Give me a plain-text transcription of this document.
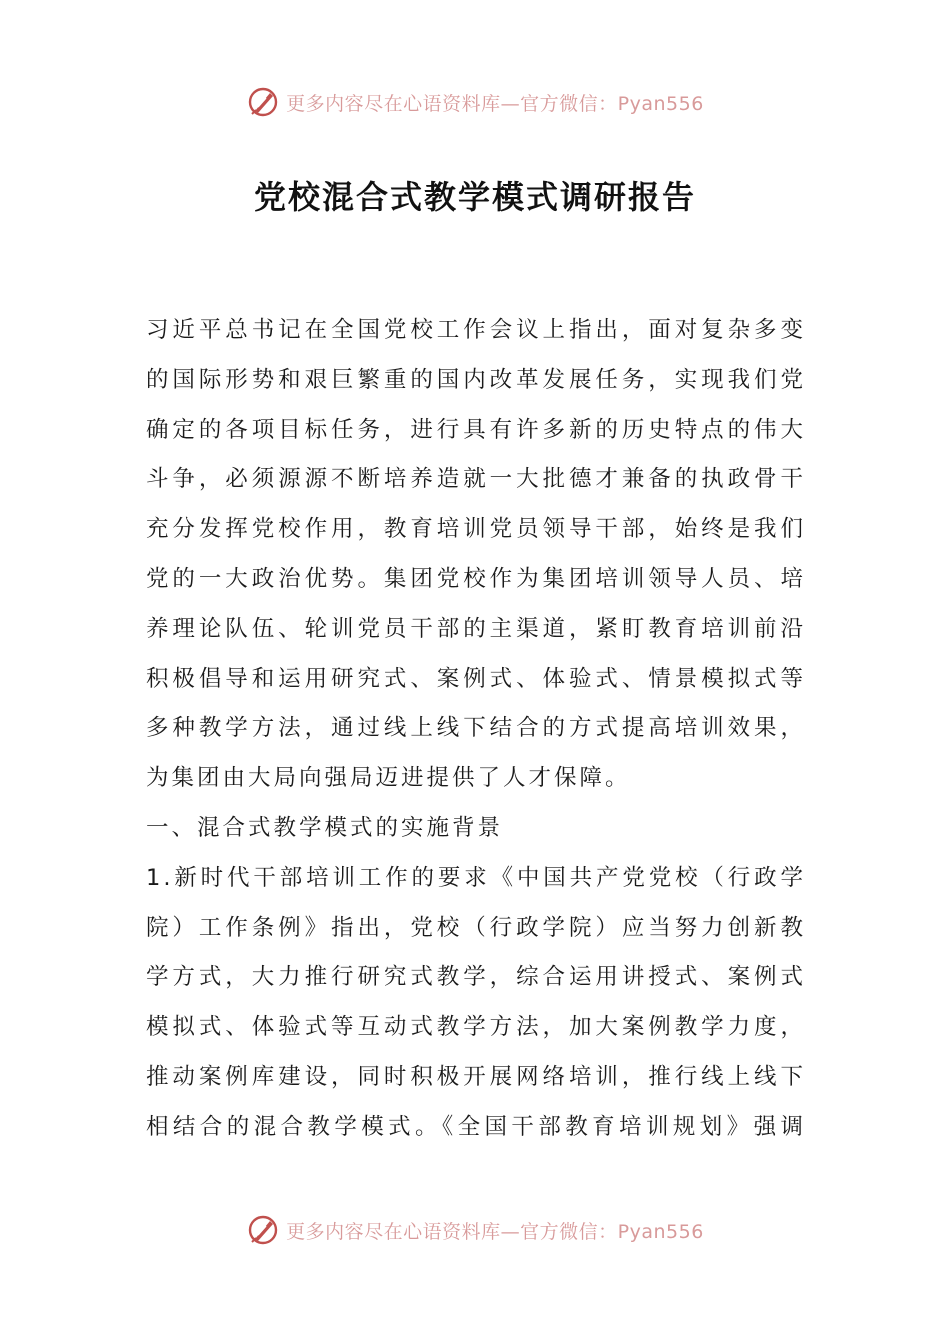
更多内容尽在心语资料库—官方微信：Pyan556
党校混合式教学模式调研报告
习近平总书记在全国党校工作会议上指出，面对复杂多变
的国际形势和艰巨繁重的国内改革发展任务，实现我们党
确定的各项目标任务，进行具有许多新的历史特点的伟大
斗争，必须源源不断培养造就一大批德才兼备的执政骨干
充分发挥党校作用，教育培训党员领导干部，始终是我们
党的一大政治优势。集团党校作为集团培训领导人员、培
养理论队伍、轮训党员干部的主渠道，紧盯教育培训前沿
积极倡导和运用研究式、案例式、体验式、情景模拟式等
多种教学方法，通过线上线下结合的方式提高培训效果，
为集团由大局向强局迈进提供了人才保障。
一、混合式教学模式的实施背景
1.新时代干部培训工作的要求《中国共产党党校（行政学
院）工作条例》指出，党校（行政学院）应当努力创新教
学方式，大力推行研究式教学，综合运用讲授式、案例式
模拟式、体验式等互动式教学方法，加大案例教学力度，
推动案例库建设，同时积极开展网络培训，推行线上线下
相结合的混合教学模式。《全国干部教育培训规划》强调
更多内容尽在心语资料库—官方微信：Pyan556
